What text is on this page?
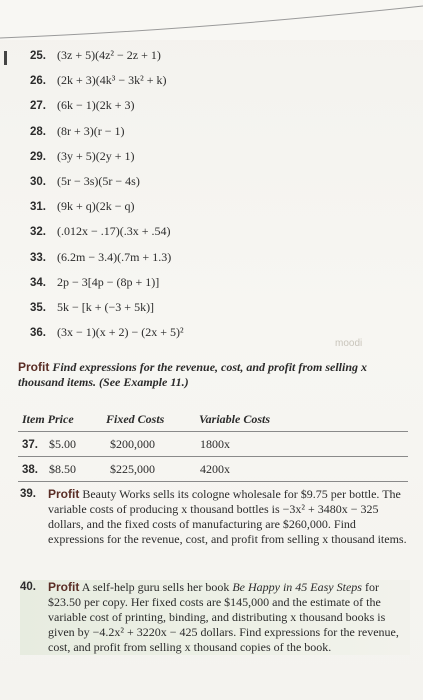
25. (3z + 5)(4z² − 2z + 1)
26. (2k + 3)(4k³ − 3k² + k)
27. (6k − 1)(2k + 3)
28. (8r + 3)(r − 1)
29. (3y + 5)(2y + 1)
30. (5r − 3s)(5r − 4s)
31. (9k + q)(2k − q)
32. (.012x − .17)(.3x + .54)
33. (6.2m − 3.4)(.7m + 1.3)
34. 2p − 3[4p − (8p + 1)]
35. 5k − [k + (−3 + 5k)]
36. (3x − 1)(x + 2) − (2x + 5)²
moodi
Profit Find expressions for the revenue, cost, and profit from selling x thousand items. (See Example 11.)
Item Price	Fixed Costs	Variable Costs
37. $5.00	$200,000	1800x
38. $8.50	$225,000	4200x
39. Profit Beauty Works sells its cologne wholesale for $9.75 per bottle. The variable costs of producing x thousand bottles is −3x² + 3480x − 325 dollars, and the fixed costs of manufacturing are $260,000. Find expressions for the revenue, cost, and profit from selling x thousand items.
40. Profit A self-help guru sells her book Be Happy in 45 Easy Steps for $23.50 per copy. Her fixed costs are $145,000 and the estimate of the variable cost of printing, binding, and distributing x thousand books is given by −4.2x² + 3220x − 425 dollars. Find expressions for the revenue, cost, and profit from selling x thousand copies of the book.
